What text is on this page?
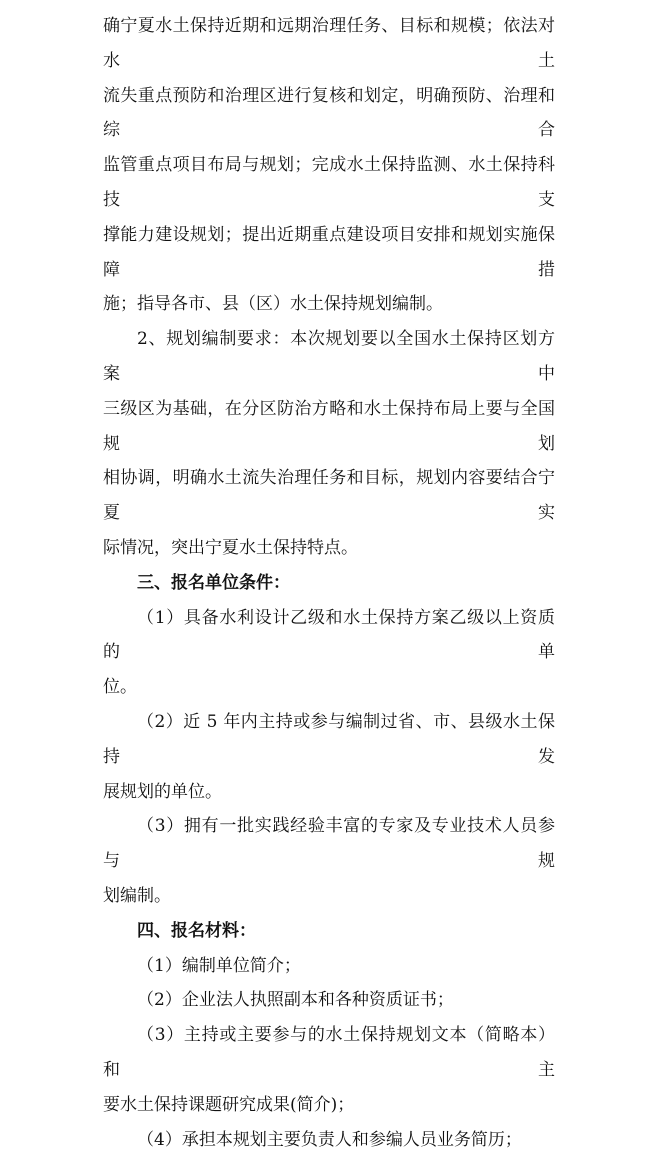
确宁夏水土保持近期和远期治理任务、目标和规模；依法对水土

流失重点预防和治理区进行复核和划定，明确预防、治理和综合

监管重点项目布局与规划；完成水土保持监测、水土保持科技支

撑能力建设规划；提出近期重点建设项目安排和规划实施保障措

施；指导各市、县（区）水土保持规划编制。

2、规划编制要求：本次规划要以全国水土保持区划方案中

三级区为基础，在分区防治方略和水土保持布局上要与全国规划

相协调，明确水土流失治理任务和目标，规划内容要结合宁夏实

际情况，突出宁夏水土保持特点。

三、报名单位条件：

（1）具备水利设计乙级和水土保持方案乙级以上资质的单

位。

（2）近 5 年内主持或参与编制过省、市、县级水土保持发

展规划的单位。

（3）拥有一批实践经验丰富的专家及专业技术人员参与规

划编制。

四、报名材料：

（1）编制单位简介；

（2）企业法人执照副本和各种资质证书；

（3）主持或主要参与的水土保持规划文本（简略本）和主

要水土保持课题研究成果(简介)；

（4）承担本规划主要负责人和参编人员业务简历；
